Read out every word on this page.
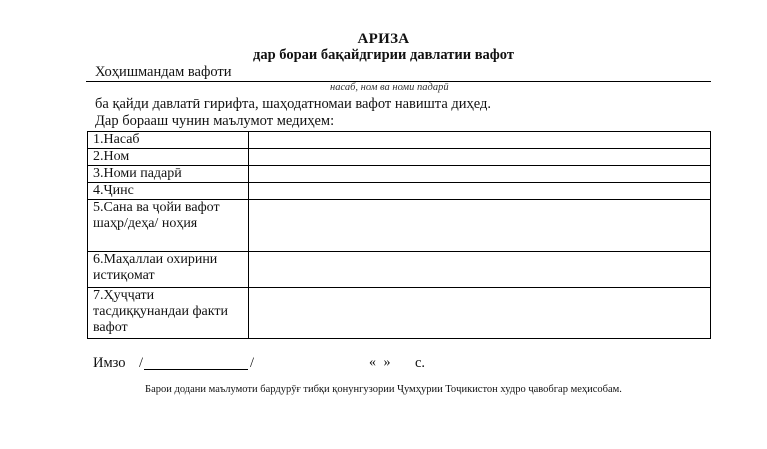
АРИЗА
дар бораи бақайдгирии давлатии вафот
Хоҳишмандам вафоти
насаб, ном ва номи падарӣ
ба қайди давлатӣ гирифта, шаҳодатномаи вафот навишта диҳед.
Дар борааш чунин маълумот медиҳем:
1.Насаб	
2.Ном	
3.Номи падарӣ	
4.Ҷинс	
5.Сана ва ҷойи вафот шаҳр/деҳа/ ноҳия	
6.Маҳаллаи охирини истиқомат	
7.Ҳуҷҷати тасдиққунандаи факти вафот	
Имзо /	/	« » с.
Барои додани маълумоти бардурӯғ тибқи қонунгузории Ҷумҳурии Тоҷикистон худро ҷавобгар меҳисобам.
